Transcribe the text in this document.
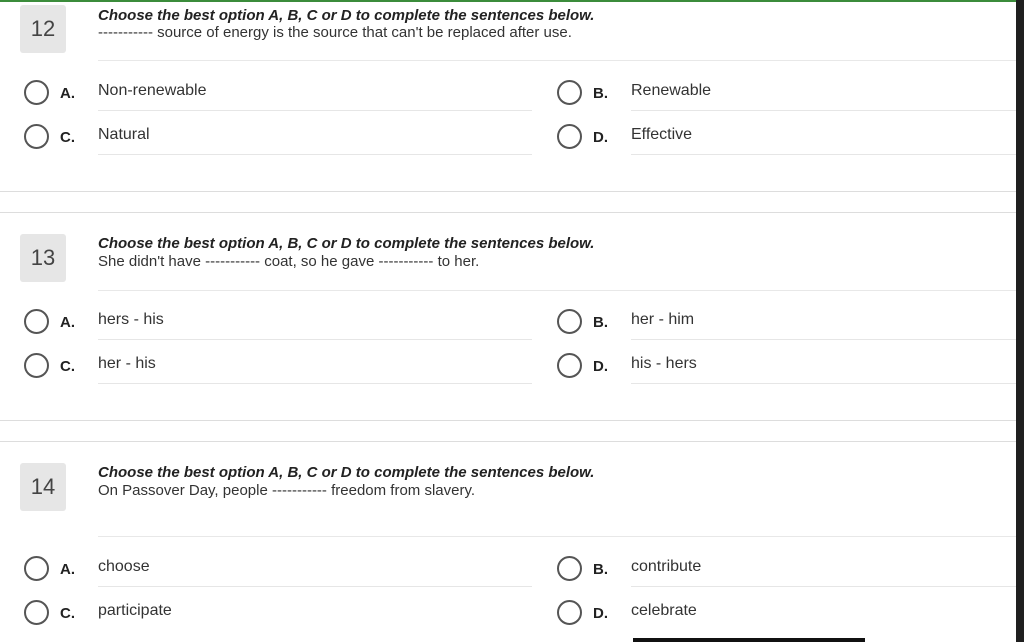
12
Choose the best option A, B, C or D to complete the sentences below.
----------- source of energy is the source that can't be replaced after use.
A. Non-renewable	B. Renewable
C. Natural	D. Effective
13
Choose the best option A, B, C or D to complete the sentences below.
She didn't have ----------- coat, so he gave ----------- to her.
A. hers - his	B. her - him
C. her - his	D. his - hers
14
Choose the best option A, B, C or D to complete the sentences below.
On Passover Day, people ----------- freedom from slavery.
A. choose	B. contribute
C. participate	D. celebrate
